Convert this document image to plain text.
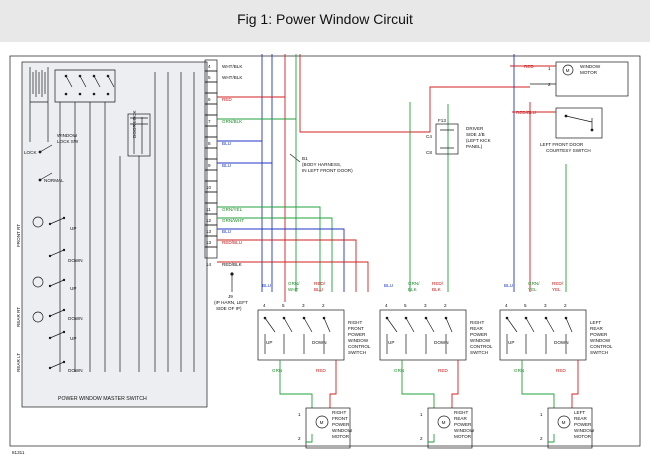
Fig 1: Power Window Circuit
POWER WINDOW MASTER SWITCH
WINDOW
LOCK SW
LOCK
NORMAL
DOOR LOCK
FRONT RT
REAR RT
REAR LT
UP
DOWN
UP
DOWN
UP
DOWN
4 WHT/BLK
5 WHT/BLK
6 RED
7 GRN/BLK
8 BLU
9 BLU
10
11 GRN/YEL
12 GRN/WHT
13 BLU
13 RED/BLU
14 RED/BLK
J9
(IP HARN, LEFT
SIDE OF IP)
B1
(BODY HARNESS,
IN LEFT FRONT DOOR)
F13
C4
C8
DRIVER
SIDE J/B
(LEFT KICK
PANEL)
M
WINDOW
MOTOR
1
2
RED
RED/BLU
LEFT FRONT DOOR
COURTESY SWITCH
BLU	GRN/
WHT
RED/
BLU
BLU	GRN/
BLK
RED/
BLK
BLU	GRN/
YEL
RED/
YEL
4	5	3	2
UP	DOWN
RIGHT
FRONT
POWER
WINDOW
CONTROL
SWITCH
GRN	RED
M
1
2
RIGHT
FRONT
POWER
WINDOW
MOTOR
4	5	3	2
UP	DOWN
RIGHT
REAR
POWER
WINDOW
CONTROL
SWITCH
GRN	RED
M
1
2
RIGHT
REAR
POWER
WINDOW
MOTOR
4	5	3	2
UP	DOWN
LEFT
REAR
POWER
WINDOW
CONTROL
SWITCH
GRN	RED
M
1
2
LEFT
REAR
POWER
WINDOW
MOTOR
81311
